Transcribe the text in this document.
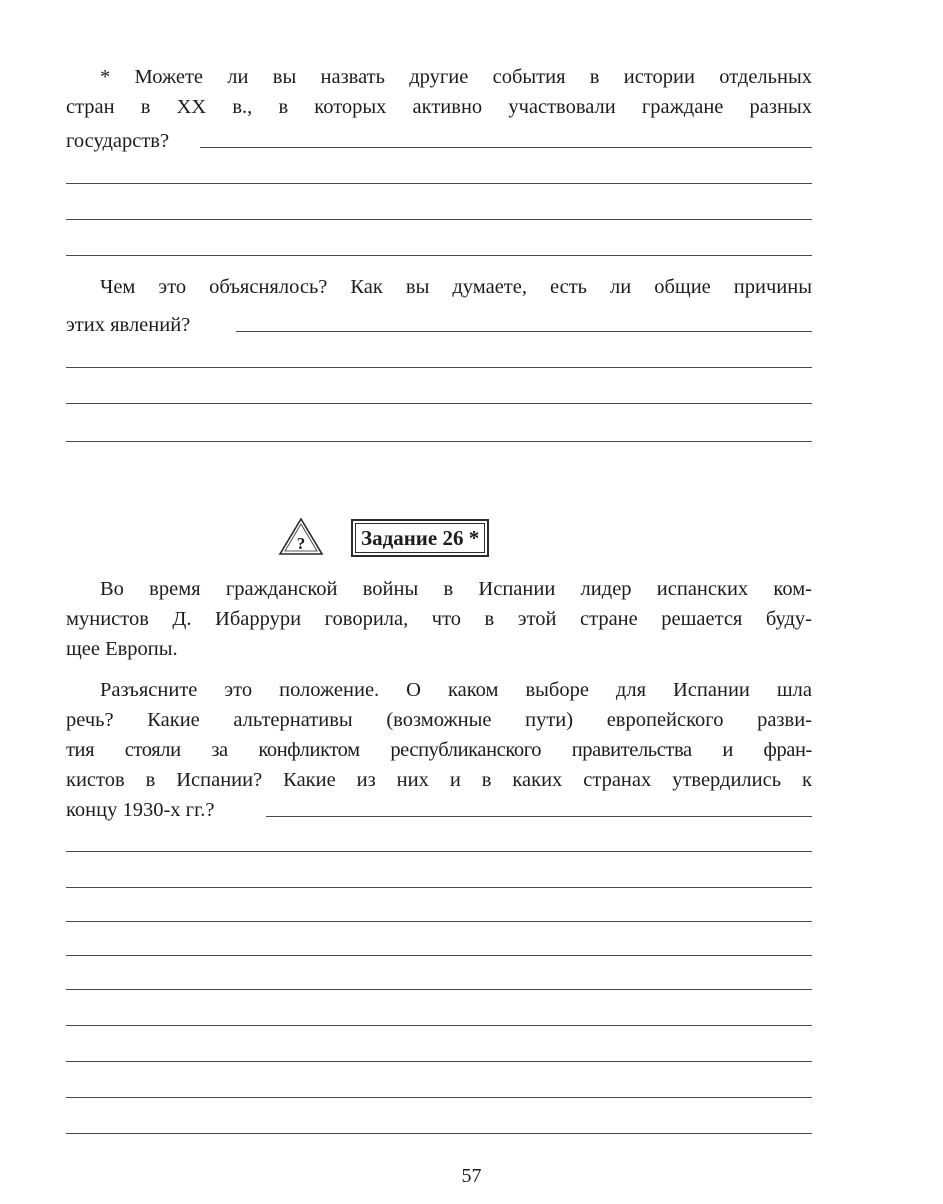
* Можете ли вы назвать другие события в истории отдельных
стран в XX в., в которых активно участвовали граждане разных
государств?
Чем это объяснялось? Как вы думаете, есть ли общие причины
этих явлений?
?	Задание 26 *
Во время гражданской войны в Испании лидер испанских ком-
мунистов Д. Ибаррури говорила, что в этой стране решается буду-
щее Европы.
Разъясните это положение. О каком выборе для Испании шла
речь? Какие альтернативы (возможные пути) европейского разви-
тия стояли за конфликтом республиканского правительства и фран-
кистов в Испании? Какие из них и в каких странах утвердились к
концу 1930-х гг.?
57
